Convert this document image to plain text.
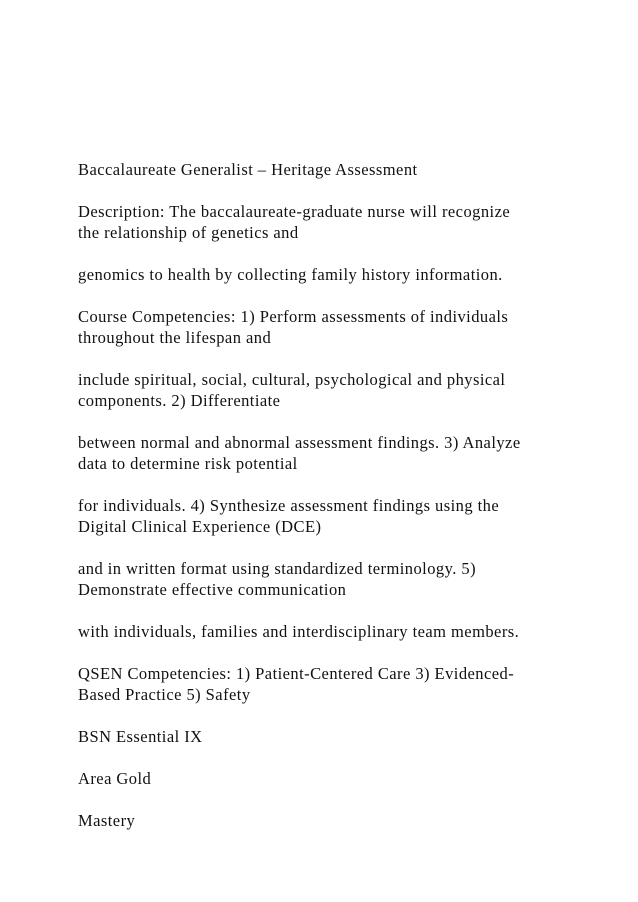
Baccalaureate Generalist – Heritage Assessment

Description: The baccalaureate-graduate nurse will recognize
the relationship of genetics and

genomics to health by collecting family history information.

Course Competencies: 1) Perform assessments of individuals
throughout the lifespan and

include spiritual, social, cultural, psychological and physical
components. 2) Differentiate

between normal and abnormal assessment findings. 3) Analyze
data to determine risk potential

for individuals. 4) Synthesize assessment findings using the
Digital Clinical Experience (DCE)

and in written format using standardized terminology. 5)
Demonstrate effective communication

with individuals, families and interdisciplinary team members.

QSEN Competencies: 1) Patient-Centered Care 3) Evidenced-
Based Practice 5) Safety

BSN Essential IX

Area Gold

Mastery
